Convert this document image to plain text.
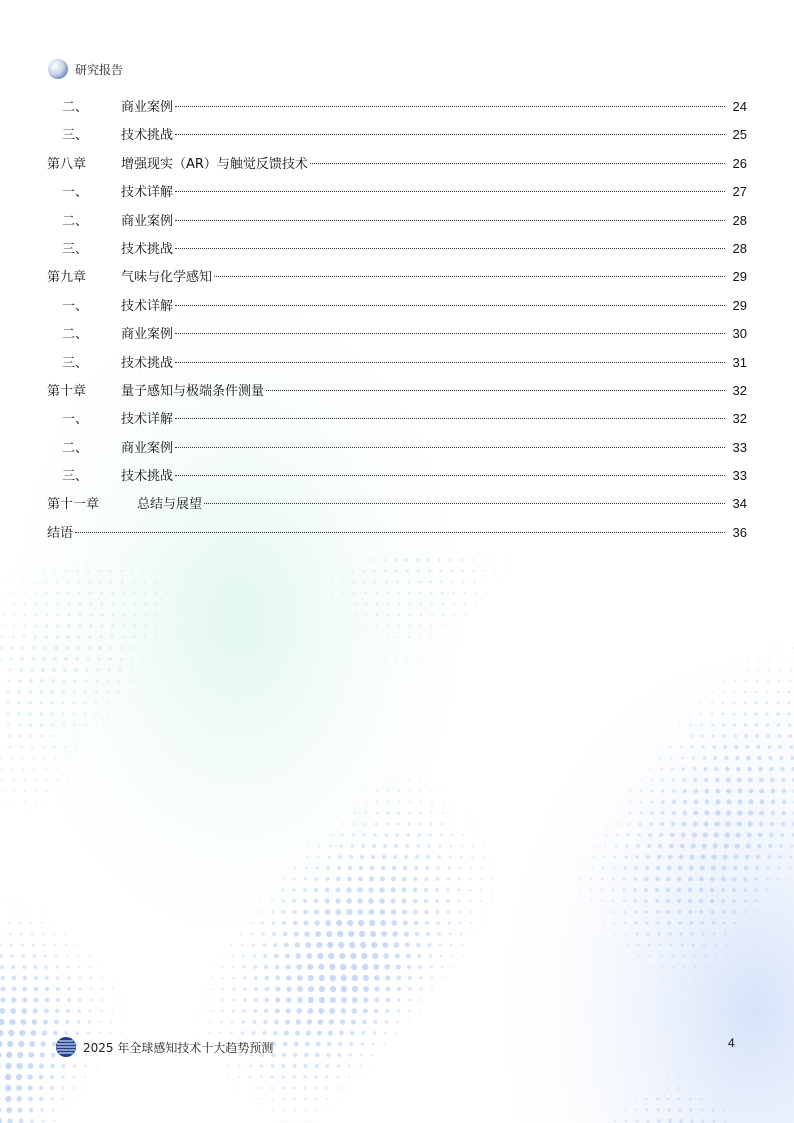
研究报告
二、	商业案例	24
三、	技术挑战	25
第八章	增强现实（AR）与触觉反馈技术	26
一、	技术详解	27
二、	商业案例	28
三、	技术挑战	28
第九章	气味与化学感知	29
一、	技术详解	29
二、	商业案例	30
三、	技术挑战	31
第十章	量子感知与极端条件测量	32
一、	技术详解	32
二、	商业案例	33
三、	技术挑战	33
第十一章	总结与展望	34
结语	36
2025 年全球感知技术十大趋势预测	4
